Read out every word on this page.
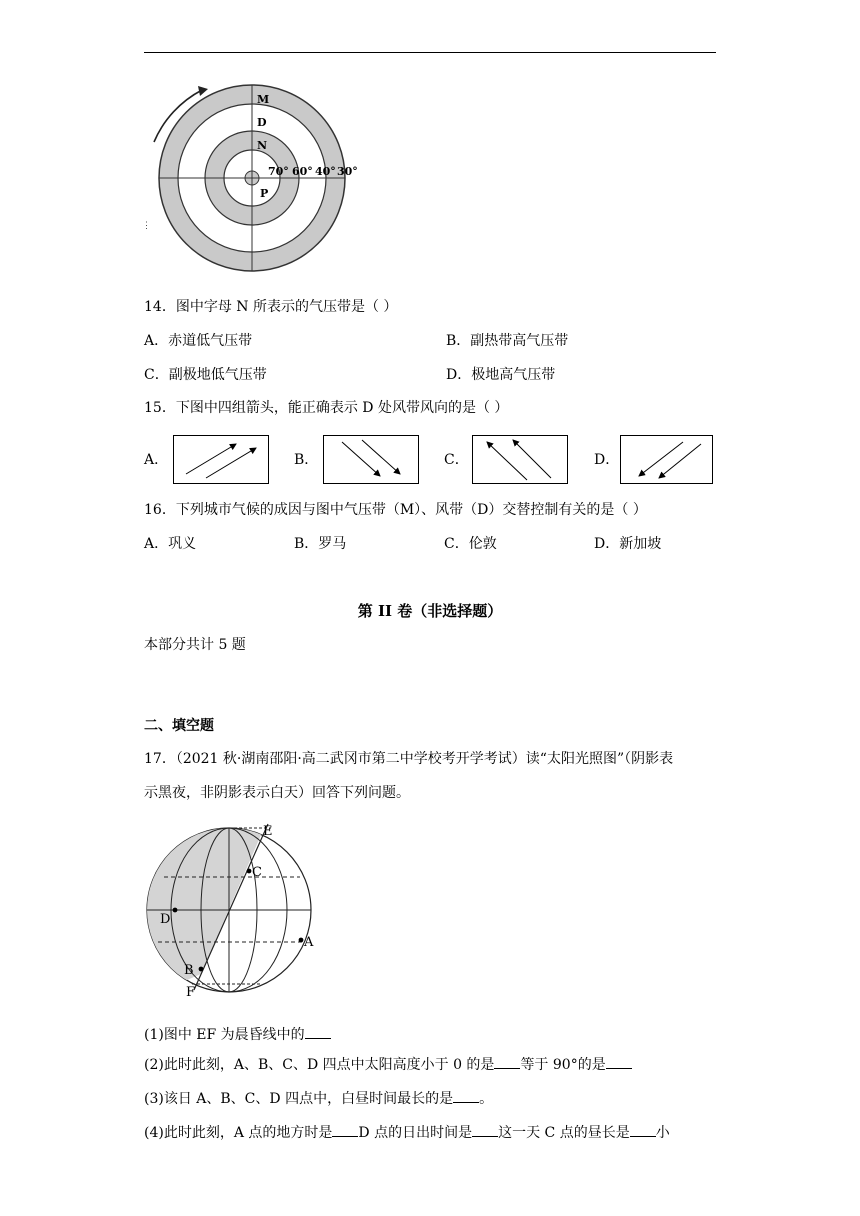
⋮
M
D
N
P
70° 60° 40° 30°
14．图中字母 N 所表示的气压带是（ ）
A．赤道低气压带	B．副热带高气压带
C．副极地低气压带	D．极地高气压带
15．下图中四组箭头，能正确表示 D 处风带风向的是（ ）
A．	B．	C．	D．
16．下列城市气候的成因与图中气压带（M）、风带（D）交替控制有关的是（ ）
A．巩义	B．罗马	C．伦敦	D．新加坡
第 II 卷（非选择题）
本部分共计 5 题
二、填空题
17．（2021 秋·湖南邵阳·高二武冈市第二中学校考开学考试）读“太阳光照图”（阴影表
示黑夜，非阴影表示白天）回答下列问题。
E
C
D
A
B
F
(1)图中 EF 为晨昏线中的
(2)此时此刻，A、B、C、D 四点中太阳高度小于 0 的是 等于 90°的是
(3)该日 A、B、C、D 四点中，白昼时间最长的是 。
(4)此时此刻，A 点的地方时是 D 点的日出时间是 这一天 C 点的昼长是 小
